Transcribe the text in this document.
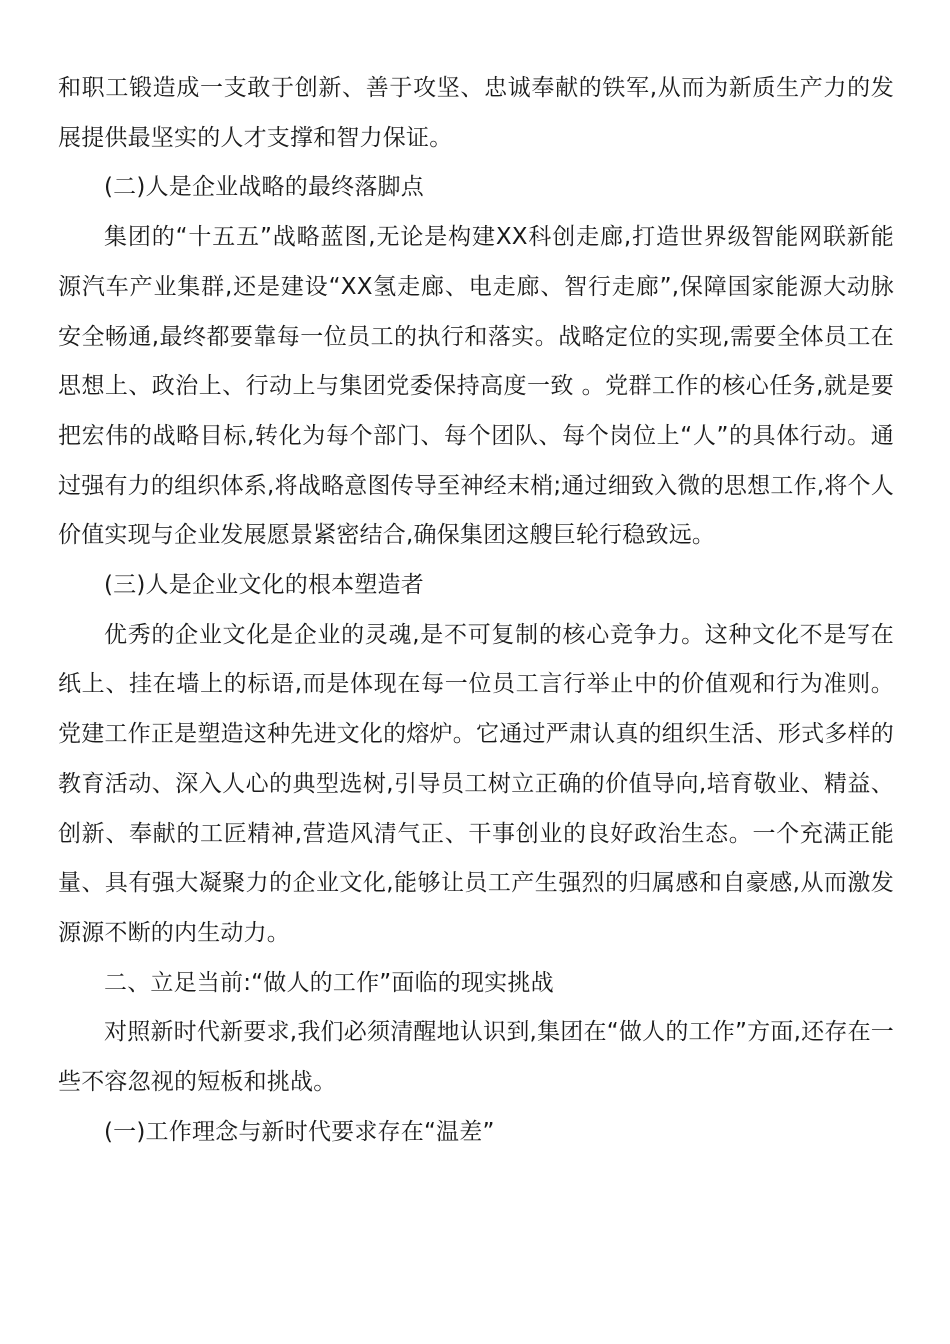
和职工锻造成一支敢于创新、善于攻坚、忠诚奉献的铁军,从而为新质生产力的发展提供最坚实的人才支撑和智力保证。

(二)人是企业战略的最终落脚点

集团的“十五五”战略蓝图,无论是构建XX科创走廊,打造世界级智能网联新能源汽车产业集群,还是建设“XX氢走廊、电走廊、智行走廊”,保障国家能源大动脉安全畅通,最终都要靠每一位员工的执行和落实。战略定位的实现,需要全体员工在思想上、政治上、行动上与集团党委保持高度一致 。党群工作的核心任务,就是要把宏伟的战略目标,转化为每个部门、每个团队、每个岗位上“人”的具体行动。通过强有力的组织体系,将战略意图传导至神经末梢;通过细致入微的思想工作,将个人价值实现与企业发展愿景紧密结合,确保集团这艘巨轮行稳致远。

(三)人是企业文化的根本塑造者

优秀的企业文化是企业的灵魂,是不可复制的核心竞争力。这种文化不是写在纸上、挂在墙上的标语,而是体现在每一位员工言行举止中的价值观和行为准则。党建工作正是塑造这种先进文化的熔炉。它通过严肃认真的组织生活、形式多样的教育活动、深入人心的典型选树,引导员工树立正确的价值导向,培育敬业、精益、创新、奉献的工匠精神,营造风清气正、干事创业的良好政治生态。一个充满正能量、具有强大凝聚力的企业文化,能够让员工产生强烈的归属感和自豪感,从而激发源源不断的内生动力。

二、立足当前:“做人的工作”面临的现实挑战

对照新时代新要求,我们必须清醒地认识到,集团在“做人的工作”方面,还存在一些不容忽视的短板和挑战。

(一)工作理念与新时代要求存在“温差”
